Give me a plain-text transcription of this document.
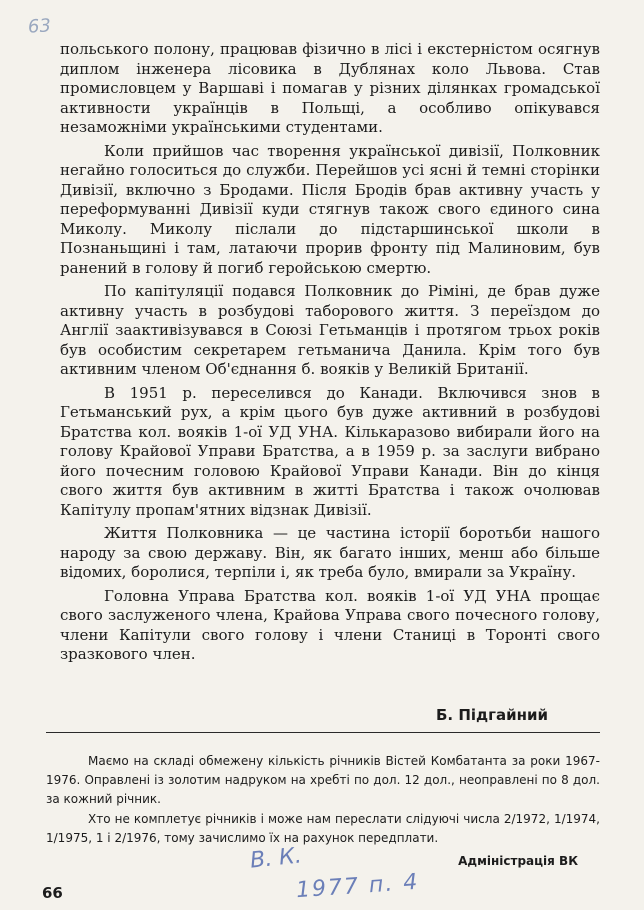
63

польського полону, працював фізично в лісі і екстерністом осягнув диплом інженера лісовика в Дублянах коло Львова. Став промисловцем у Варшаві і помагав у різних ділянках громадської активности українців в Польщі, а особливо опікувався незаможніми українськими студентами.

Коли прийшов час творення української дивізії, Полковник негайно голоситься до служби. Перейшов усі ясні й темні сторінки Дивізії, включно з Бродами. Після Бродів брав активну участь у переформуванні Дивізії куди стягнув також свого єдиного сина Миколу. Миколу післали до підстаршинської школи в Познаньщині і там, латаючи прорив фронту під Малиновим, був ранений в голову й погиб геройською смертю.

По капітуляції подався Полковник до Ріміні, де брав дуже активну участь в розбудові таборового життя. З переїздом до Англії заактивізувався в Союзі Гетьманців і протягом трьох років був особистим секретарем гетьманича Данила. Крім того був активним членом Об'єднання б. вояків у Великій Британії.

В 1951 р. переселився до Канади. Включився знов в Гетьманський рух, а крім цього був дуже активний в розбудові Братства кол. вояків 1-ої УД УНА. Кількаразово вибирали його на голову Крайової Управи Братства, а в 1959 р. за заслуги вибрано його почесним головою Крайової Управи Канади. Він до кінця свого життя був активним в житті Братства і також очолював Капітулу пропам'ятних відзнак Дивізії.

Життя Полковника — це частина історії боротьби нашого народу за свою державу. Він, як багато інших, менш або більше відомих, боролися, терпіли і, як треба було, вмирали за Україну.

Головна Управа Братства кол. вояків 1-ої УД УНА прощає свого заслуженого члена, Крайова Управа свого почесного голову, члени Капітули свого голову і члени Станиці в Торонті свого зразкового член.

Б. Підгайний

Маємо на складі обмежену кількість річників Вістей Комбатанта за роки 1967-1976. Оправлені із золотим надруком на хребті по дол. 12 дол., неоправлені по 8 дол. за кожний річник.

Хто не комплетує річників і може нам переслати слідуючі числа 2/1972, 1/1974, 1/1975, 1 і 2/1976, тому зачислимо їх на рахунок передплати.

Адміністрація ВК
В. К.
1977 п. 4
66
